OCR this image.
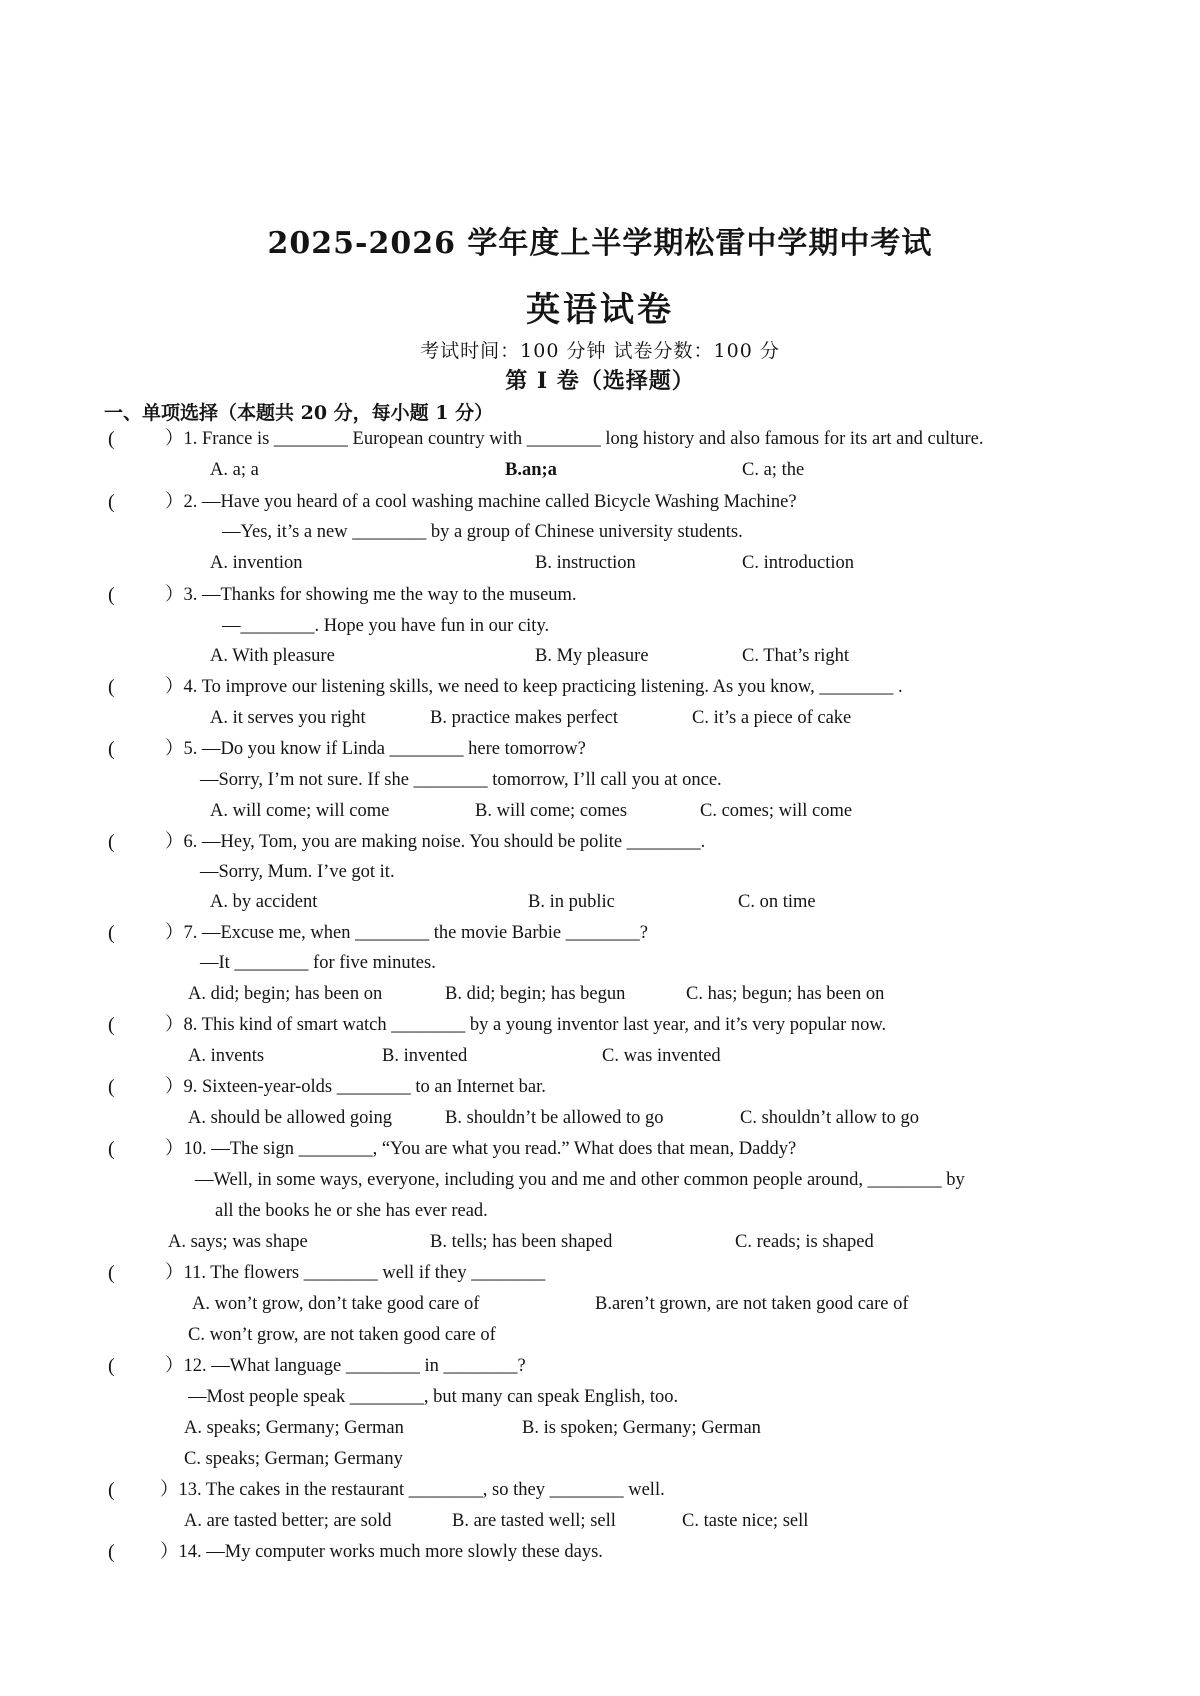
2025-2026 学年度上半学期松雷中学期中考试
英语试卷
考试时间：100 分钟 试卷分数：100 分
第 I 卷（选择题）
一、单项选择（本题共 20 分，每小题 1 分）
(	）1. France is ________ European country with ________ long history and also famous for its art and culture.
A. a; a	B.an;a	C. a; the
(	）2. —Have you heard of a cool washing machine called Bicycle Washing Machine?
—Yes, it’s a new ________ by a group of Chinese university students.
A. invention	B. instruction	C. introduction
(	）3. —Thanks for showing me the way to the museum.
—________. Hope you have fun in our city.
A. With pleasure	B. My pleasure	C. That’s right
(	）4. To improve our listening skills, we need to keep practicing listening. As you know, ________ .
A. it serves you right	B. practice makes perfect	C. it’s a piece of cake
(	）5. —Do you know if Linda ________ here tomorrow?
—Sorry, I’m not sure. If she ________ tomorrow, I’ll call you at once.
A. will come; will come	B. will come; comes	C. comes; will come
(	）6. —Hey, Tom, you are making noise. You should be polite ________.
—Sorry, Mum. I’ve got it.
A. by accident	B. in public	C. on time
(	）7. —Excuse me, when ________ the movie Barbie ________?
—It ________ for five minutes.
A. did; begin; has been on	B. did; begin; has begun	C. has; begun; has been on
(	）8. This kind of smart watch ________ by a young inventor last year, and it’s very popular now.
A. invents	B. invented	C. was invented
(	）9. Sixteen-year-olds ________ to an Internet bar.
A. should be allowed going	B. shouldn’t be allowed to go	C. shouldn’t allow to go
(	）10. —The sign ________, “You are what you read.” What does that mean, Daddy?
—Well, in some ways, everyone, including you and me and other common people around, ________ by
all the books he or she has ever read.
A. says; was shape	B. tells; has been shaped	C. reads; is shaped
(	）11. The flowers ________ well if they ________
A. won’t grow, don’t take good care of	B.aren’t grown, are not taken good care of
C. won’t grow, are not taken good care of
(	）12. —What language ________ in ________?
—Most people speak ________, but many can speak English, too.
A. speaks; Germany; German	B. is spoken; Germany; German
C. speaks; German; Germany
( ）13. The cakes in the restaurant ________, so they ________ well.
A. are tasted better; are sold	B. are tasted well; sell	C. taste nice; sell
( ）14. —My computer works much more slowly these days.
